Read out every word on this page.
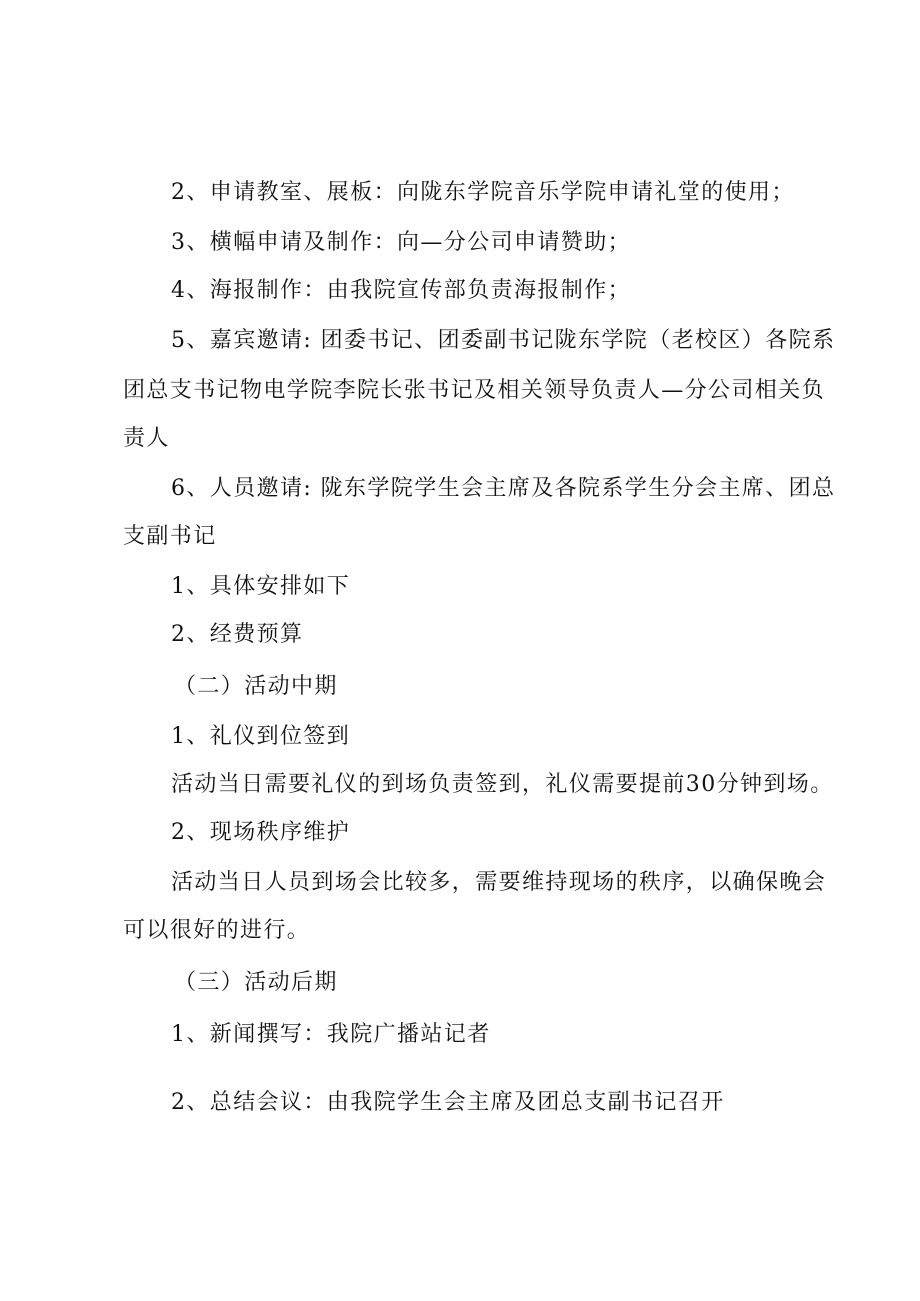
2、申请教室、展板：向陇东学院音乐学院申请礼堂的使用；

3、横幅申请及制作：向—分公司申请赞助；

4、海报制作：由我院宣传部负责海报制作；

5、嘉宾邀请: 团委书记、团委副书记陇东学院（老校区）各院系

团总支书记物电学院李院长张书记及相关领导负责人—分公司相关负

责人

6、人员邀请: 陇东学院学生会主席及各院系学生分会主席、团总

支副书记

1、具体安排如下

2、经费预算

（二）活动中期

1、礼仪到位签到

活动当日需要礼仪的到场负责签到，礼仪需要提前30分钟到场。

2、现场秩序维护

活动当日人员到场会比较多，需要维持现场的秩序，以确保晚会

可以很好的进行。

（三）活动后期

1、新闻撰写：我院广播站记者

2、总结会议：由我院学生会主席及团总支副书记召开
